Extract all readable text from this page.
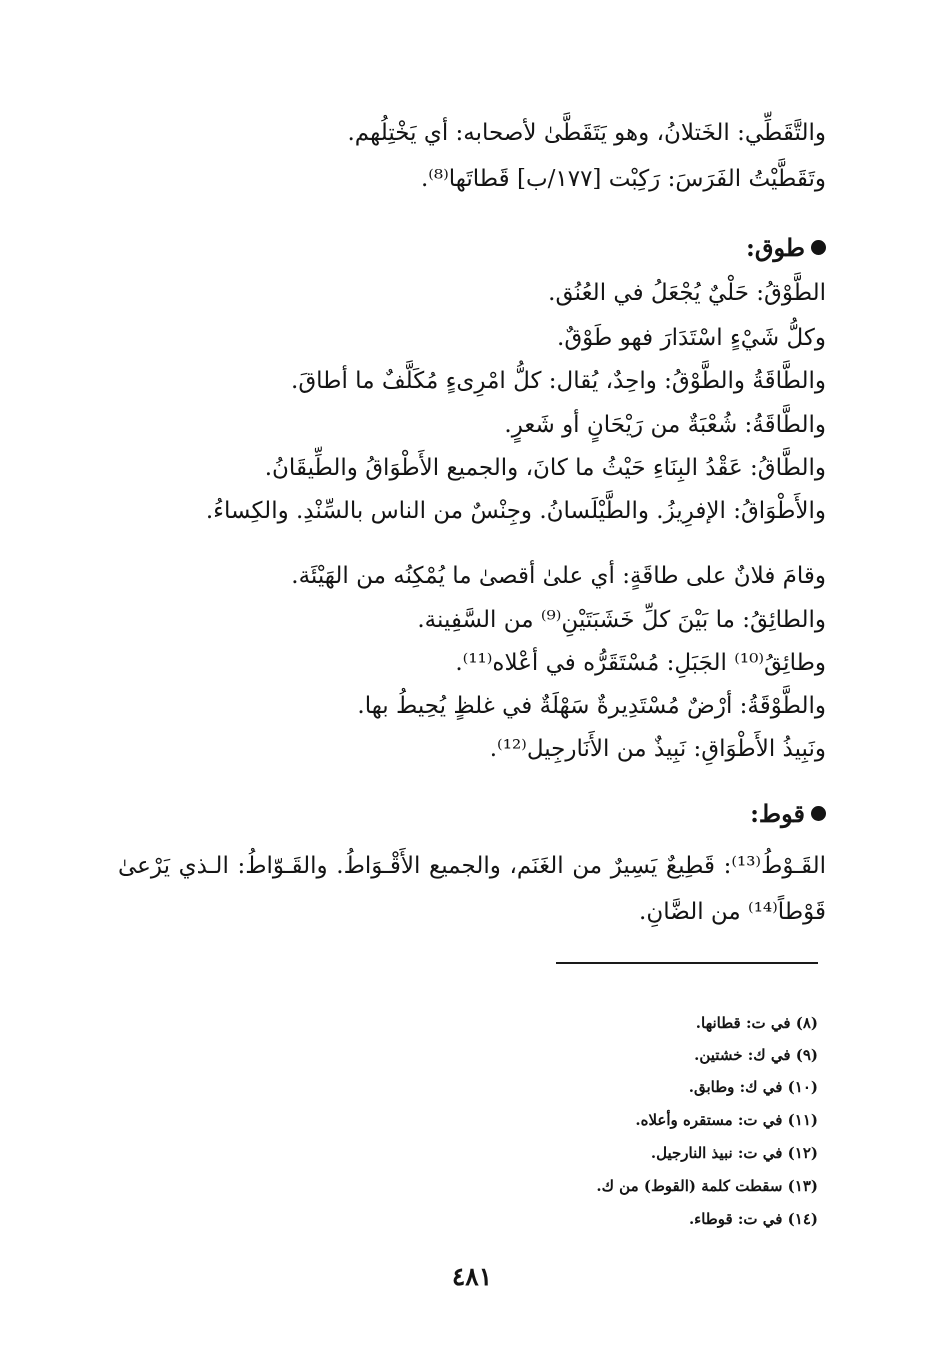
والتَّقَطِّي: الخَتلانُ، وهو يَتَقَطَّىٰ لأصحابه: أي يَخْتِلُهم.
وتَقَطَّيْتُ الفَرَسَ: رَكِبْت [١٧٧/ب] قَطاتَها⁽⁸⁾.
طوق:
الطَّوْقُ: حَلْيٌ يُجْعَلُ في العُنُق.
وكلُّ شَيْءٍ اسْتَدَارَ فهو طَوْقٌ.
والطَّاقَةُ والطَّوْقُ: واحِدٌ، يُقال: كلُّ امْرِىءٍ مُكَلَّفٌ ما أطاقَ.
والطَّاقَةُ: شُعْبَةٌ من رَيْحَانٍ أو شَعرٍ.
والطَّاقُ: عَقْدُ البِنَاءِ حَيْثُ ما كانَ، والجميع الأَطْوَاقُ والطِّيقَانُ.
والأَطْوَاقُ: الإفرِيزُ. والطَّيْلَسانُ. وجِنْسٌ من الناس بالسِّنْدِ. والكِساءُ.
وقامَ فلانٌ على طاقَةٍ: أي علىٰ أقصىٰ ما يُمْكِنُه من الهَيْئَة.
والطائِقُ: ما بَيْنَ كلِّ خَشَبَتَيْنِ⁽⁹⁾ من السَّفِينة.
وطائِقُ⁽¹⁰⁾ الجَبَلِ: مُسْتَقَرُّه في أعْلاه⁽¹¹⁾.
والطَّوْقَةُ: أرْضٌ مُسْتَدِيرةٌ سَهْلَةٌ في غلظٍ يُحِيطُ بها.
ونَبِيذُ الأَطْوَاقِ: نَبِيذٌ من الأَنَارجِيل⁽¹²⁾.
قوط:
القَـوْطُ⁽¹³⁾: قَطِيعٌ يَسِيرٌ من الغَنَم، والجميع الأَقْـوَاطُ. والقَـوّاطُ: الـذي يَرْعىٰ قَوْطاً⁽¹⁴⁾ من الضَّانِ.
(٨) في ت: قطانها.
(٩) في ك: خشتين.
(١٠) في ك: وطابق.
(١١) في ت: مستقره وأعلاه.
(١٢) في ت: نبيذ النارجيل.
(١٣) سقطت كلمة (القوط) من ك.
(١٤) في ت: قوطاء.
٤٨١
